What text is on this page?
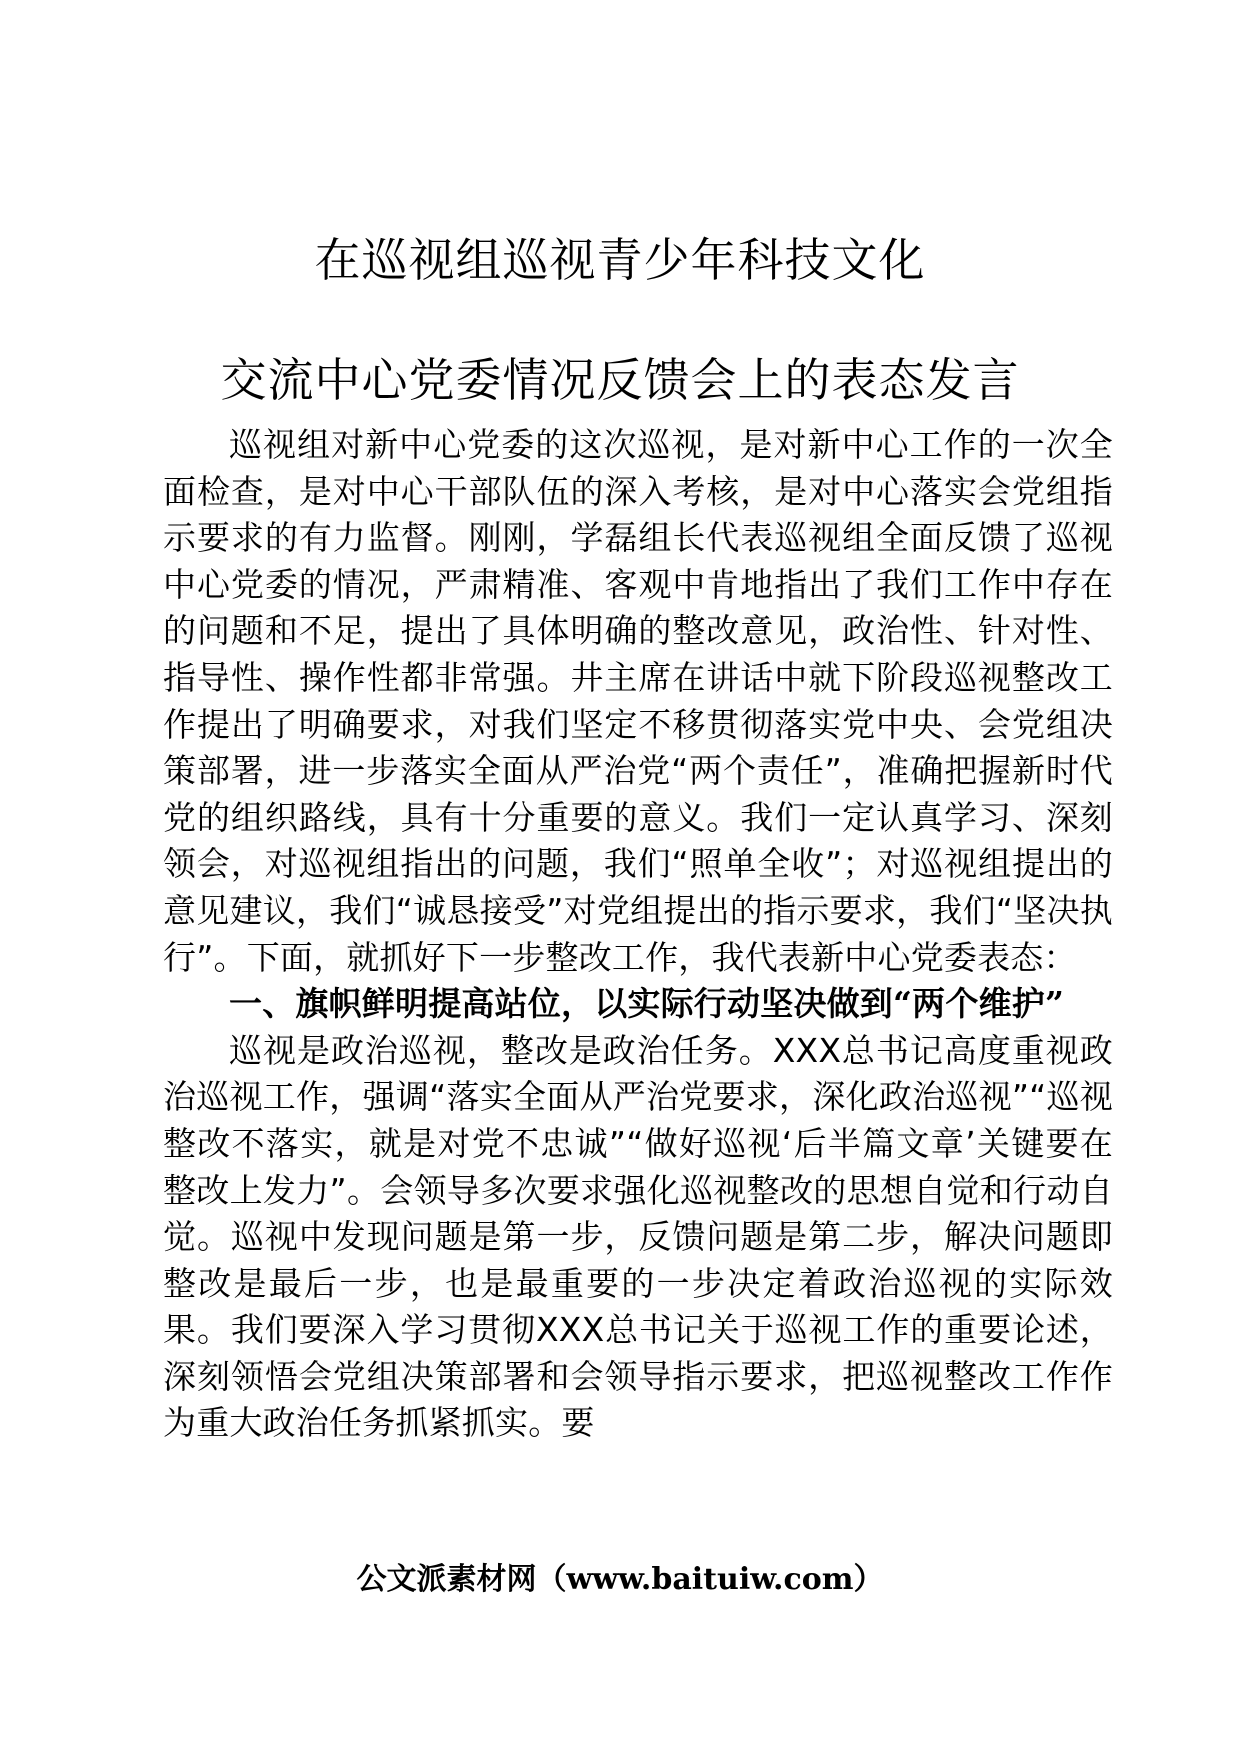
在巡视组巡视青少年科技文化
交流中心党委情况反馈会上的表态发言

巡视组对新中心党委的这次巡视，是对新中心工作的一次全面检查，是对中心干部队伍的深入考核，是对中心落实会党组指示要求的有力监督。刚刚，学磊组长代表巡视组全面反馈了巡视中心党委的情况，严肃精准、客观中肯地指出了我们工作中存在的问题和不足，提出了具体明确的整改意见，政治性、针对性、指导性、操作性都非常强。井主席在讲话中就下阶段巡视整改工作提出了明确要求，对我们坚定不移贯彻落实党中央、会党组决策部署，进一步落实全面从严治党“两个责任”，准确把握新时代党的组织路线，具有十分重要的意义。我们一定认真学习、深刻领会，对巡视组指出的问题，我们“照单全收”；对巡视组提出的意见建议，我们“诚恳接受”对党组提出的指示要求，我们“坚决执行”。下面，就抓好下一步整改工作，我代表新中心党委表态：

一、旗帜鲜明提高站位，以实际行动坚决做到“两个维护”

巡视是政治巡视，整改是政治任务。XXX总书记高度重视政治巡视工作，强调“落实全面从严治党要求，深化政治巡视”“巡视整改不落实，就是对党不忠诚”“做好巡视‘后半篇文章’关键要在整改上发力”。会领导多次要求强化巡视整改的思想自觉和行动自觉。巡视中发现问题是第一步，反馈问题是第二步，解决问题即整改是最后一步，也是最重要的一步决定着政治巡视的实际效果。我们要深入学习贯彻XXX总书记关于巡视工作的重要论述，深刻领悟会党组决策部署和会领导指示要求，把巡视整改工作作为重大政治任务抓紧抓实。要

公文派素材网（www.baituiw.com）
